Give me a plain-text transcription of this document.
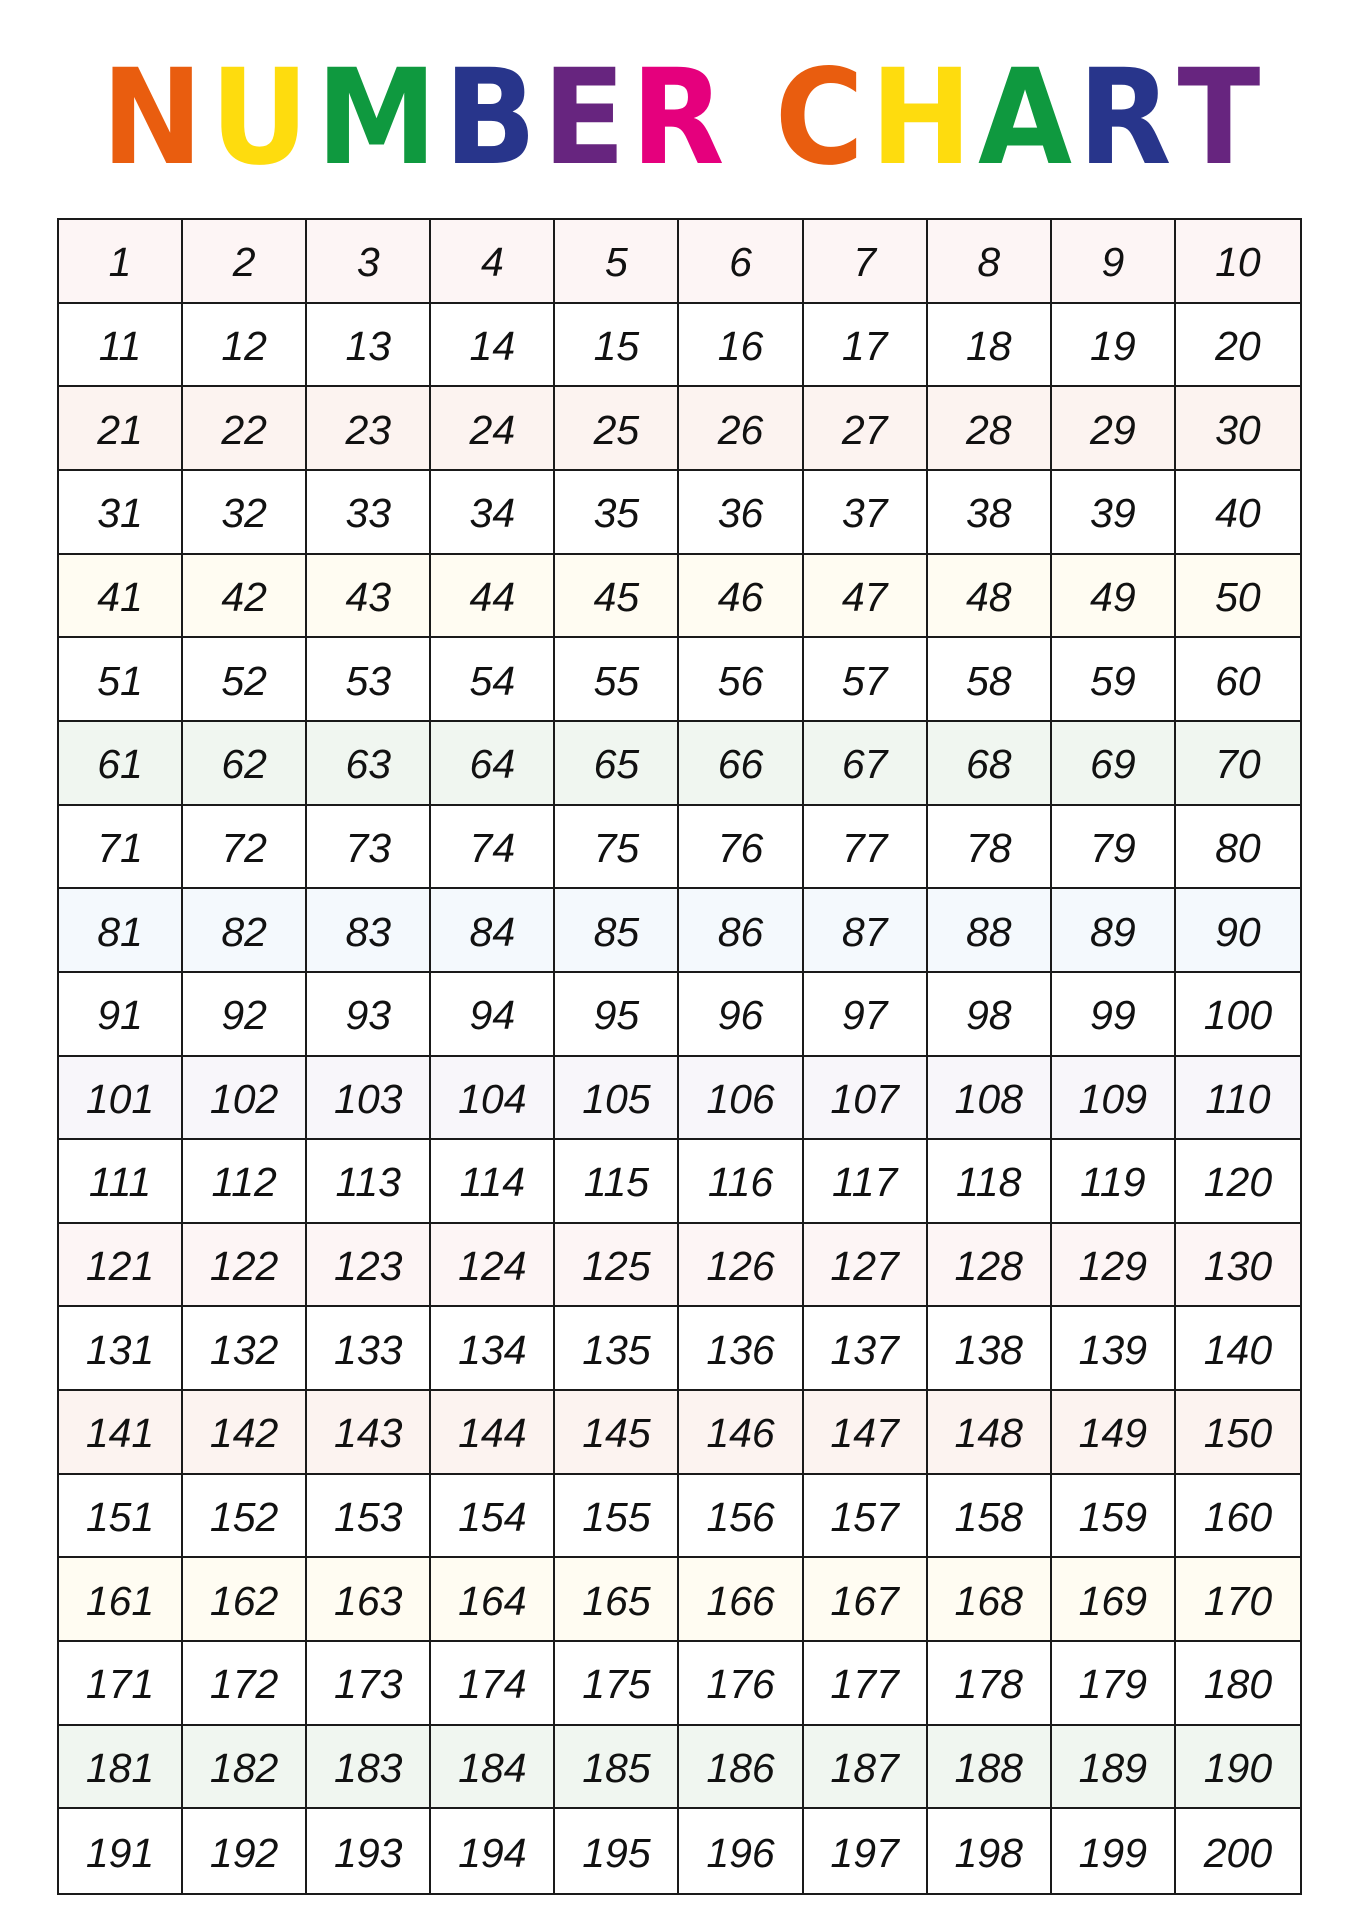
NUMBER CHART
1	2	3	4	5	6	7	8	9	10
11	12	13	14	15	16	17	18	19	20
21	22	23	24	25	26	27	28	29	30
31	32	33	34	35	36	37	38	39	40
41	42	43	44	45	46	47	48	49	50
51	52	53	54	55	56	57	58	59	60
61	62	63	64	65	66	67	68	69	70
71	72	73	74	75	76	77	78	79	80
81	82	83	84	85	86	87	88	89	90
91	92	93	94	95	96	97	98	99	100
101	102	103	104	105	106	107	108	109	110
111	112	113	114	115	116	117	118	119	120
121	122	123	124	125	126	127	128	129	130
131	132	133	134	135	136	137	138	139	140
141	142	143	144	145	146	147	148	149	150
151	152	153	154	155	156	157	158	159	160
161	162	163	164	165	166	167	168	169	170
171	172	173	174	175	176	177	178	179	180
181	182	183	184	185	186	187	188	189	190
191	192	193	194	195	196	197	198	199	200
